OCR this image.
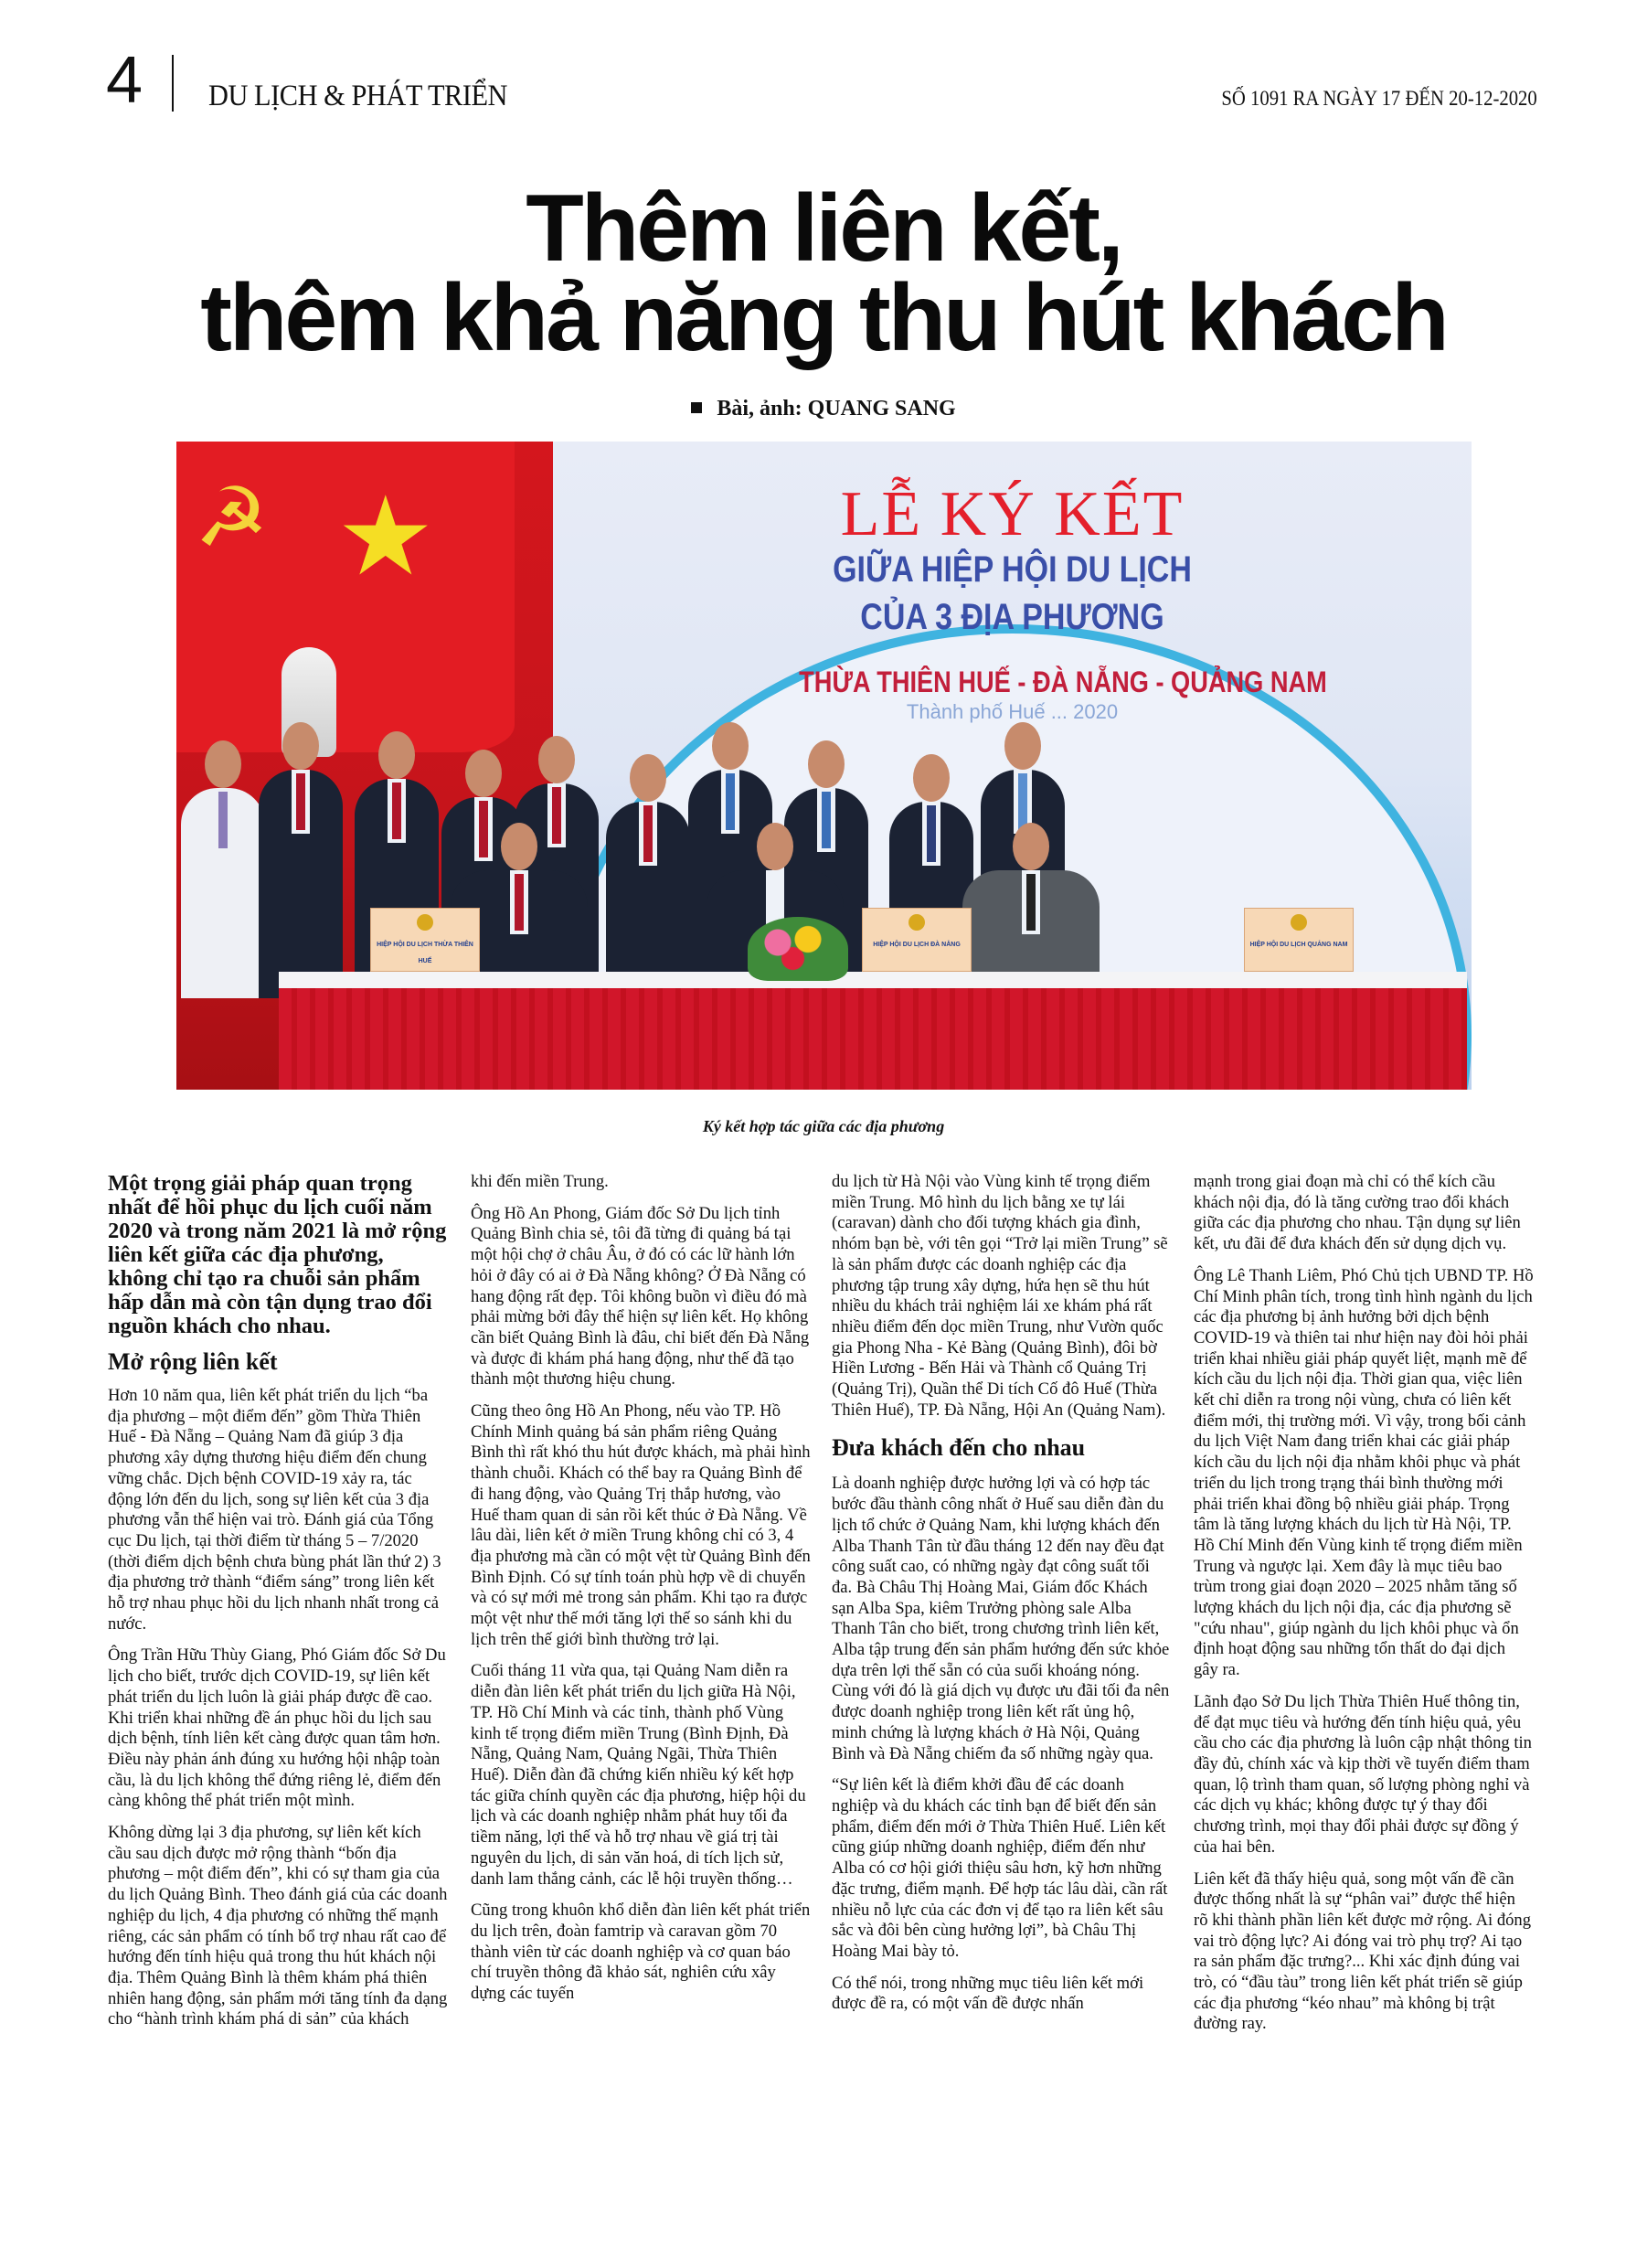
4 DU LỊCH & PHÁT TRIỂN	SỐ 1091 RA NGÀY 17 ĐẾN 20-12-2020
Thêm liên kết,
thêm khả năng thu hút khách
Bài, ảnh: QUANG SANG
☭ ★	LỄ KÝ KẾT
GIỮA HIỆP HỘI DU LỊCH
CỦA 3 ĐỊA PHƯƠNG
THỪA THIÊN HUẾ - ĐÀ NẴNG - QUẢNG NAM
Thành phố Huế ... 2020
HIỆP HỘI DU LỊCH THỪA THIÊN HUẾ
HIỆP HỘI DU LỊCH ĐÀ NẴNG	HIỆP HỘI DU LỊCH QUẢNG NAM
Ký kết hợp tác giữa các địa phương

Một trọng giải pháp quan trọng nhất để hồi phục du lịch cuối năm 2020 và trong năm 2021 là mở rộng liên kết giữa các địa phương, không chỉ tạo ra chuỗi sản phẩm hấp dẫn mà còn tận dụng trao đổi nguồn khách cho nhau.

Mở rộng liên kết

Hơn 10 năm qua, liên kết phát triển du lịch “ba địa phương – một điểm đến” gồm Thừa Thiên Huế - Đà Nẵng – Quảng Nam đã giúp 3 địa phương xây dựng thương hiệu điểm đến chung vững chắc. Dịch bệnh COVID-19 xảy ra, tác động lớn đến du lịch, song sự liên kết của 3 địa phương vẫn thể hiện vai trò. Đánh giá của Tổng cục Du lịch, tại thời điểm từ tháng 5 – 7/2020 (thời điểm dịch bệnh chưa bùng phát lần thứ 2) 3 địa phương trở thành “điểm sáng” trong liên kết hỗ trợ nhau phục hồi du lịch nhanh nhất trong cả nước.

Ông Trần Hữu Thùy Giang, Phó Giám đốc Sở Du lịch cho biết, trước dịch COVID-19, sự liên kết phát triển du lịch luôn là giải pháp được đề cao. Khi triển khai những đề án phục hồi du lịch sau dịch bệnh, tính liên kết càng được quan tâm hơn. Điều này phản ánh đúng xu hướng hội nhập toàn cầu, là du lịch không thể đứng riêng lẻ, điểm đến càng không thể phát triển một mình.

Không dừng lại 3 địa phương, sự liên kết kích cầu sau dịch được mở rộng thành “bốn địa phương – một điểm đến”, khi có sự tham gia của du lịch Quảng Bình. Theo đánh giá của các doanh nghiệp du lịch, 4 địa phương có những thế mạnh riêng, các sản phẩm có tính bổ trợ nhau rất cao để hướng đến tính hiệu quả trong thu hút khách nội địa. Thêm Quảng Bình là thêm khám phá thiên nhiên hang động, sản phẩm mới tăng tính đa dạng cho “hành trình khám phá di sản” của khách

khi đến miền Trung.

Ông Hồ An Phong, Giám đốc Sở Du lịch tỉnh Quảng Bình chia sẻ, tôi đã từng đi quảng bá tại một hội chợ ở châu Âu, ở đó có các lữ hành lớn hỏi ở đây có ai ở Đà Nẵng không? Ở Đà Nẵng có hang động rất đẹp. Tôi không buồn vì điều đó mà phải mừng bởi đây thể hiện sự liên kết. Họ không cần biết Quảng Bình là đâu, chỉ biết đến Đà Nẵng và được đi khám phá hang động, như thế đã tạo thành một thương hiệu chung.

Cũng theo ông Hồ An Phong, nếu vào TP. Hồ Chính Minh quảng bá sản phẩm riêng Quảng Bình thì rất khó thu hút được khách, mà phải hình thành chuỗi. Khách có thể bay ra Quảng Bình để đi hang động, vào Quảng Trị thắp hương, vào Huế tham quan di sản rồi kết thúc ở Đà Nẵng. Về lâu dài, liên kết ở miền Trung không chỉ có 3, 4 địa phương mà cần có một vệt từ Quảng Bình đến Bình Định. Có sự tính toán phù hợp về di chuyển và có sự mới mẻ trong sản phẩm. Khi tạo ra được một vệt như thế mới tăng lợi thế so sánh khi du lịch trên thế giới bình thường trở lại.

Cuối tháng 11 vừa qua, tại Quảng Nam diễn ra diễn đàn liên kết phát triển du lịch giữa Hà Nội, TP. Hồ Chí Minh và các tỉnh, thành phố Vùng kinh tế trọng điểm miền Trung (Bình Định, Đà Nẵng, Quảng Nam, Quảng Ngãi, Thừa Thiên Huế). Diễn đàn đã chứng kiến nhiều ký kết hợp tác giữa chính quyền các địa phương, hiệp hội du lịch và các doanh nghiệp nhằm phát huy tối đa tiềm năng, lợi thế và hỗ trợ nhau về giá trị tài nguyên du lịch, di sản văn hoá, di tích lịch sử, danh lam thắng cảnh, các lễ hội truyền thống…

Cũng trong khuôn khổ diễn đàn liên kết phát triển du lịch trên, đoàn famtrip và caravan gồm 70 thành viên từ các doanh nghiệp và cơ quan báo chí truyền thông đã khảo sát, nghiên cứu xây dựng các tuyến

du lịch từ Hà Nội vào Vùng kinh tế trọng điểm miền Trung. Mô hình du lịch bằng xe tự lái (caravan) dành cho đối tượng khách gia đình, nhóm bạn bè, với tên gọi “Trở lại miền Trung” sẽ là sản phẩm được các doanh nghiệp các địa phương tập trung xây dựng, hứa hẹn sẽ thu hút nhiều du khách trải nghiệm lái xe khám phá rất nhiều điểm đến dọc miền Trung, như Vườn quốc gia Phong Nha - Kẻ Bàng (Quảng Bình), đôi bờ Hiền Lương - Bến Hải và Thành cổ Quảng Trị (Quảng Trị), Quần thể Di tích Cố đô Huế (Thừa Thiên Huế), TP. Đà Nẵng, Hội An (Quảng Nam).

Đưa khách đến cho nhau

Là doanh nghiệp được hưởng lợi và có hợp tác bước đầu thành công nhất ở Huế sau diễn đàn du lịch tổ chức ở Quảng Nam, khi lượng khách đến Alba Thanh Tân từ đầu tháng 12 đến nay đều đạt công suất cao, có những ngày đạt công suất tối đa. Bà Châu Thị Hoàng Mai, Giám đốc Khách sạn Alba Spa, kiêm Trưởng phòng sale Alba Thanh Tân cho biết, trong chương trình liên kết, Alba tập trung đến sản phẩm hướng đến sức khỏe dựa trên lợi thế sẵn có của suối khoáng nóng. Cùng với đó là giá dịch vụ được ưu đãi tối đa nên được doanh nghiệp trong liên kết rất ủng hộ, minh chứng là lượng khách ở Hà Nội, Quảng Bình và Đà Nẵng chiếm đa số những ngày qua.

“Sự liên kết là điểm khởi đầu để các doanh nghiệp và du khách các tỉnh bạn để biết đến sản phẩm, điểm đến mới ở Thừa Thiên Huế. Liên kết cũng giúp những doanh nghiệp, điểm đến như Alba có cơ hội giới thiệu sâu hơn, kỹ hơn những đặc trưng, điểm mạnh. Để hợp tác lâu dài, cần rất nhiều nỗ lực của các đơn vị để tạo ra liên kết sâu sắc và đôi bên cùng hưởng lợi”, bà Châu Thị Hoàng Mai bày tỏ.

Có thể nói, trong những mục tiêu liên kết mới được đề ra, có một vấn đề được nhấn

mạnh trong giai đoạn mà chỉ có thể kích cầu khách nội địa, đó là tăng cường trao đổi khách giữa các địa phương cho nhau. Tận dụng sự liên kết, ưu đãi để đưa khách đến sử dụng dịch vụ.

Ông Lê Thanh Liêm, Phó Chủ tịch UBND TP. Hồ Chí Minh phân tích, trong tình hình ngành du lịch các địa phương bị ảnh hưởng bởi dịch bệnh COVID-19 và thiên tai như hiện nay đòi hỏi phải triển khai nhiều giải pháp quyết liệt, mạnh mẽ để kích cầu du lịch nội địa. Thời gian qua, việc liên kết chỉ diễn ra trong nội vùng, chưa có liên kết điểm mới, thị trường mới. Vì vậy, trong bối cảnh du lịch Việt Nam đang triển khai các giải pháp kích cầu du lịch nội địa nhằm khôi phục và phát triển du lịch trong trạng thái bình thường mới phải triển khai đồng bộ nhiều giải pháp. Trọng tâm là tăng lượng khách du lịch từ Hà Nội, TP. Hồ Chí Minh đến Vùng kinh tế trọng điểm miền Trung và ngược lại. Xem đây là mục tiêu bao trùm trong giai đoạn 2020 – 2025 nhằm tăng số lượng khách du lịch nội địa, các địa phương sẽ "cứu nhau", giúp ngành du lịch khôi phục và ổn định hoạt động sau những tổn thất do đại dịch gây ra.

Lãnh đạo Sở Du lịch Thừa Thiên Huế thông tin, để đạt mục tiêu và hướng đến tính hiệu quả, yêu cầu cho các địa phương là luôn cập nhật thông tin đầy đủ, chính xác và kịp thời về tuyến điểm tham quan, lộ trình tham quan, số lượng phòng nghỉ và các dịch vụ khác; không được tự ý thay đổi chương trình, mọi thay đổi phải được sự đồng ý của hai bên.

Liên kết đã thấy hiệu quả, song một vấn đề cần được thống nhất là sự “phân vai” được thể hiện rõ khi thành phần liên kết được mở rộng. Ai đóng vai trò động lực? Ai đóng vai trò phụ trợ? Ai tạo ra sản phẩm đặc trưng?... Khi xác định đúng vai trò, có “đầu tàu” trong liên kết phát triển sẽ giúp các địa phương “kéo nhau” mà không bị trật đường ray.
